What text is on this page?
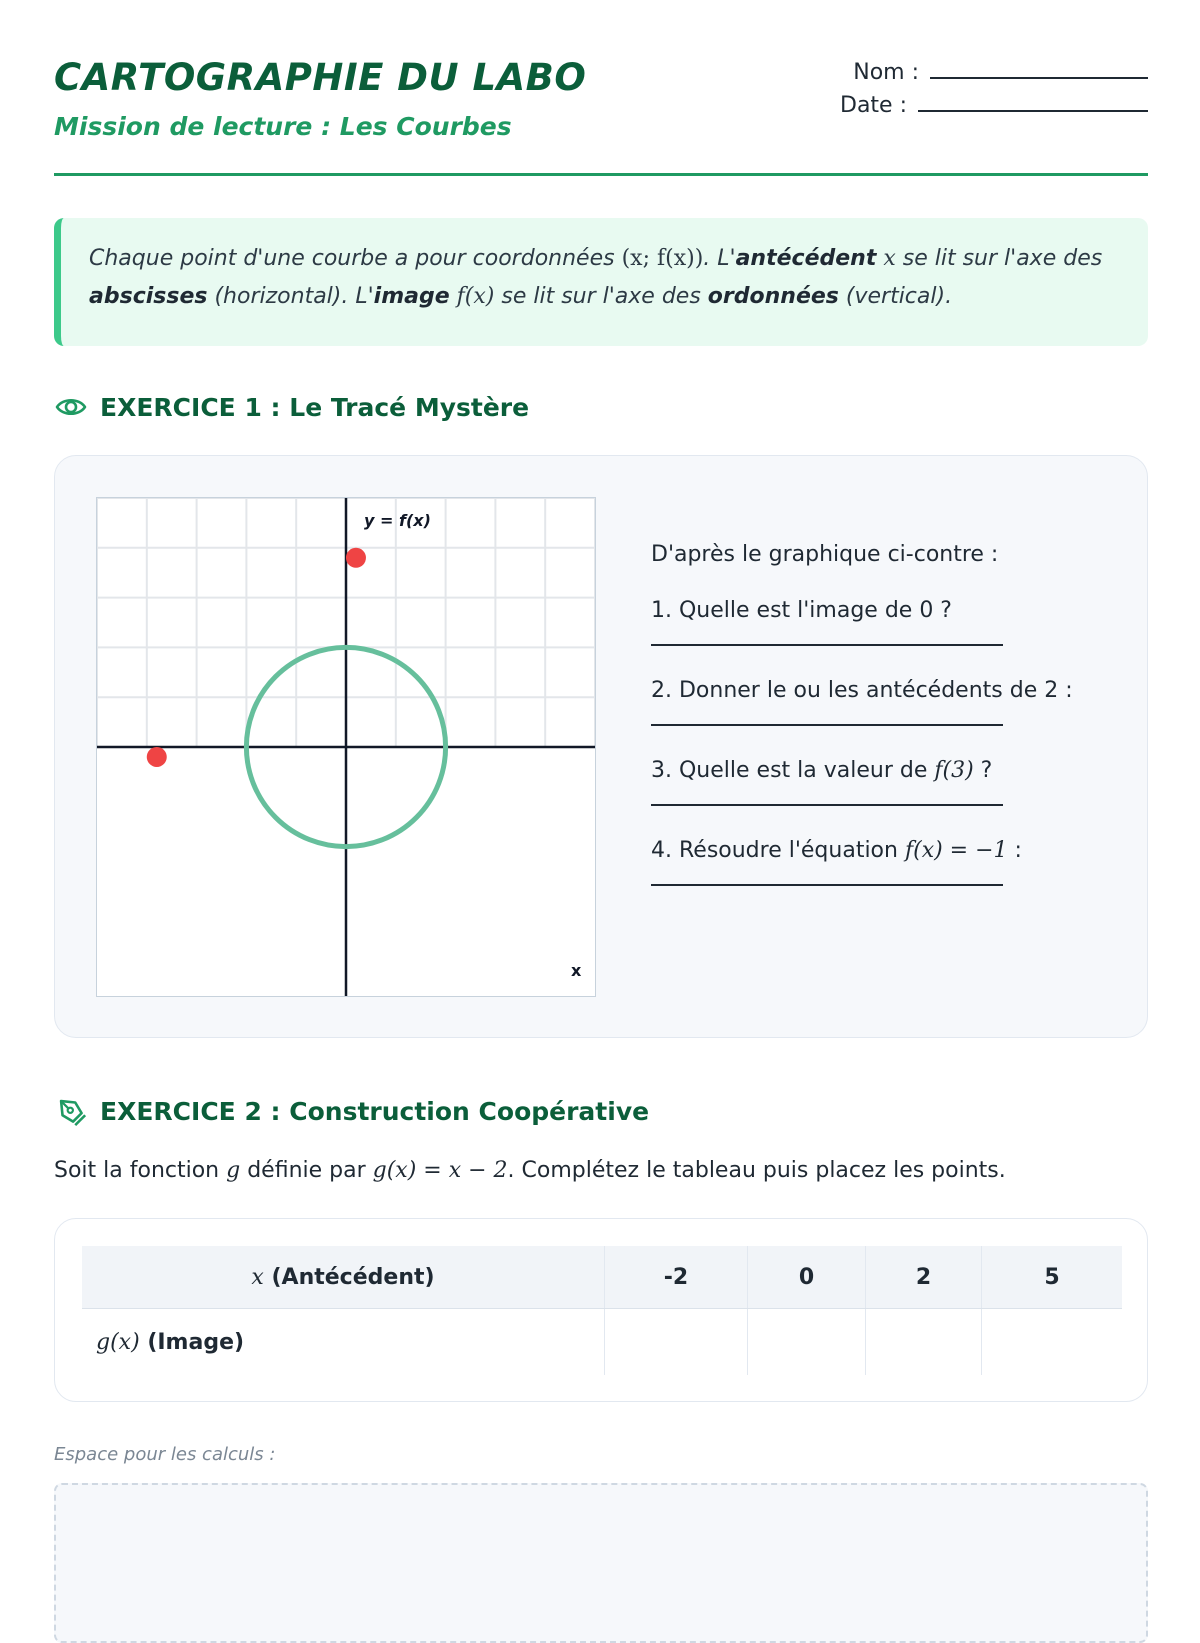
CARTOGRAPHIE DU LABO
Mission de lecture : Les Courbes
Nom :
Date :
Chaque point d'une courbe a pour coordonnées (x; f(x)). L'antécédent x se lit sur l'axe des abscisses (horizontal). L'image f(x) se lit sur l'axe des ordonnées (vertical).
EXERCICE 1 : Le Tracé Mystère
y = f(x)
x
D'après le graphique ci-contre :
1. Quelle est l'image de 0 ?
2. Donner le ou les antécédents de 2 :
3. Quelle est la valeur de f(3) ?
4. Résoudre l'équation f(x) = −1 :
EXERCICE 2 : Construction Coopérative
Soit la fonction g définie par g(x) = x − 2. Complétez le tableau puis placez les points.
x (Antécédent)	-2	0	2	5
g(x) (Image)				
Espace pour les calculs :
